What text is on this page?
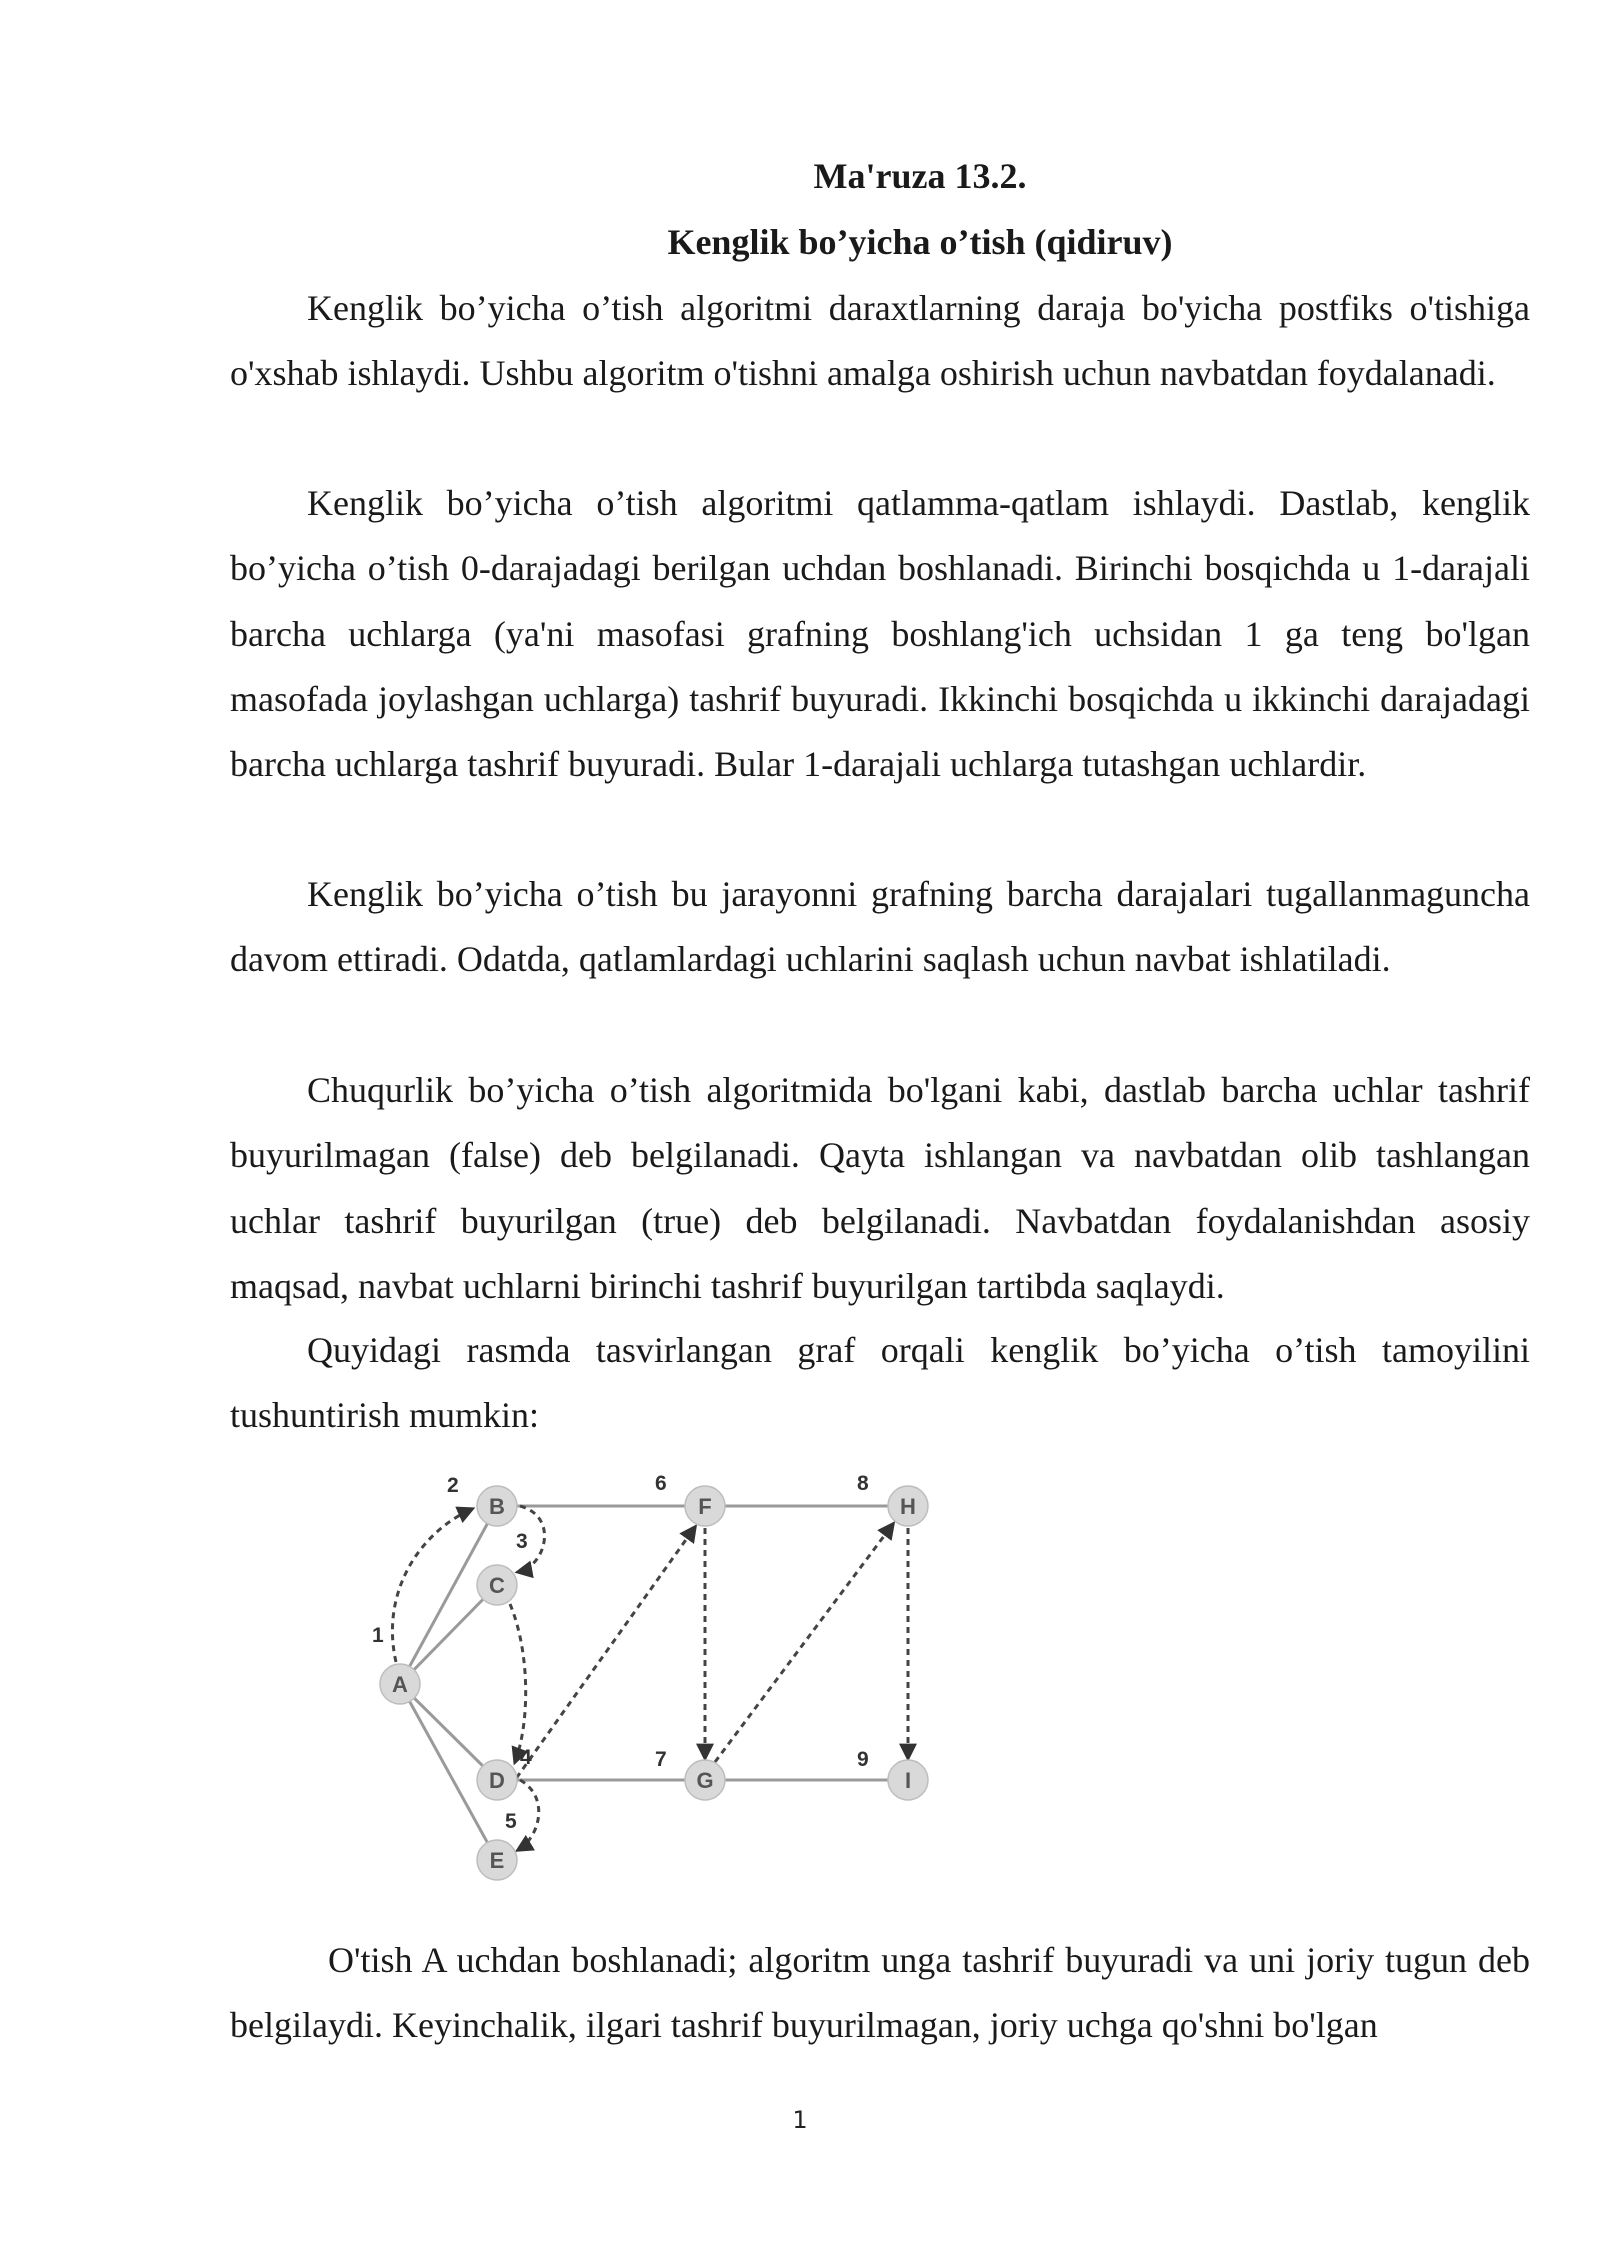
Ma'ruza 13.2.
Kenglik bo’yicha o’tish (qidiruv)

Kenglik bo’yicha o’tish algoritmi daraxtlarning daraja bo'yicha postfiks o'tishiga o'xshab ishlaydi. Ushbu algoritm o'tishni amalga oshirish uchun navbatdan foydalanadi.

Kenglik bo’yicha o’tish algoritmi qatlamma-qatlam ishlaydi. Dastlab, kenglik bo’yicha o’tish 0-darajadagi berilgan uchdan boshlanadi. Birinchi bosqichda u 1-darajali barcha uchlarga (ya'ni masofasi grafning boshlang'ich uchsidan 1 ga teng bo'lgan masofada joylashgan uchlarga) tashrif buyuradi. Ikkinchi bosqichda u ikkinchi darajadagi barcha uchlarga tashrif buyuradi. Bular 1-darajali uchlarga tutashgan uchlardir.

Kenglik bo’yicha o’tish bu jarayonni grafning barcha darajalari tugallanmaguncha davom ettiradi. Odatda, qatlamlardagi uchlarini saqlash uchun navbat ishlatiladi.

Chuqurlik bo’yicha o’tish algoritmida bo'lgani kabi, dastlab barcha uchlar tashrif buyurilmagan (false) deb belgilanadi. Qayta ishlangan va navbatdan olib tashlangan uchlar tashrif buyurilgan (true) deb belgilanadi. Navbatdan foydalanishdan asosiy maqsad, navbat uchlarni birinchi tashrif buyurilgan tartibda saqlaydi.

Quyidagi rasmda tasvirlangan graf orqali kenglik bo’yicha o’tish tamoyilini tushuntirish mumkin:

A
B
C
D
E
F
G
H
I
1
2
3
4
5
6
7
8
9

O'tish A uchdan boshlanadi; algoritm unga tashrif buyuradi va uni joriy tugun deb belgilaydi. Keyinchalik, ilgari tashrif buyurilmagan, joriy uchga qo'shni bo'lgan

1
